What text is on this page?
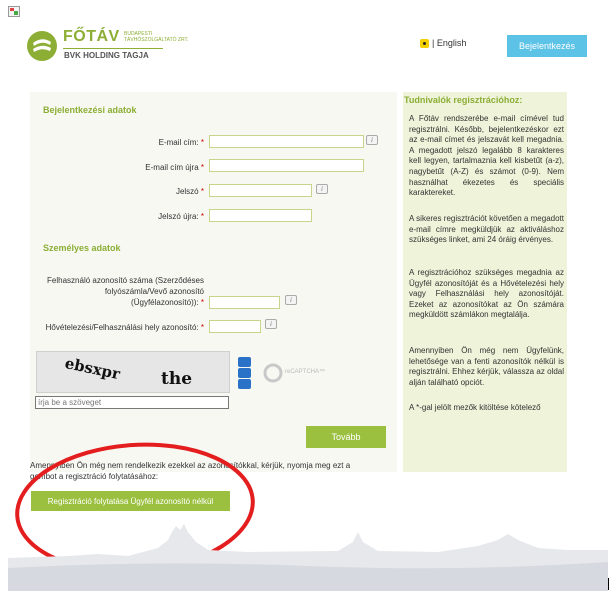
FŐTÁV BUDAPESTI
TÁVHŐSZOLGÁLTATÓ ZRT.
BVK HOLDING TAGJA
| English	Bejelentkezés
Bejelentkezési adatok
E-mail cím: *	i
E-mail cím újra *
Jelszó *	i
Jelszó újra: *
Személyes adatok
Felhasználó azonosító száma (Szerződéses
folyószámla/Vevő azonosító
(Ügyfélazonosító)): *	i
Hővételezési/Felhasználási hely azonosító: *	i
ebsxpr the	reCAPTCHA™
írja be a szöveget
Tovább
Amennyiben Ön még nem rendelkezik ezekkel az azonosítókkal, kérjük, nyomja meg ezt a gombot a regisztráció folytatásához:
Regisztráció folytatása Ügyfél azonosító nélkül
Tudnivalók regisztrációhoz:
A Főtáv rendszerébe e-mail címével tud regisztrálni. Később, bejelentkezéskor ezt az e-mail címet és jelszavát kell megadnia. A megadott jelszó legalább 8 karakteres kell legyen, tartalmaznia kell kisbetűt (a-z), nagybetűt (A-Z) és számot (0-9). Nem használhat ékezetes és speciális karaktereket.
A sikeres regisztrációt követően a megadott e-mail címre megküldjük az aktiváláshoz szükséges linket, ami 24 óráig érvényes.
A regisztrációhoz szükséges megadnia az Ügyfél azonosítóját és a Hővételezési hely vagy Felhasználási hely azonosítóját. Ezeket az azonosítókat az Ön számára megküldött számlákon megtalálja.
Amennyiben Ön még nem Ügyfelünk, lehetősége van a fenti azonosítók nélkül is regisztrálni. Ehhez kérjük, válassza az oldal alján található opciót.
A *-gal jelölt mezők kitöltése kötelező
